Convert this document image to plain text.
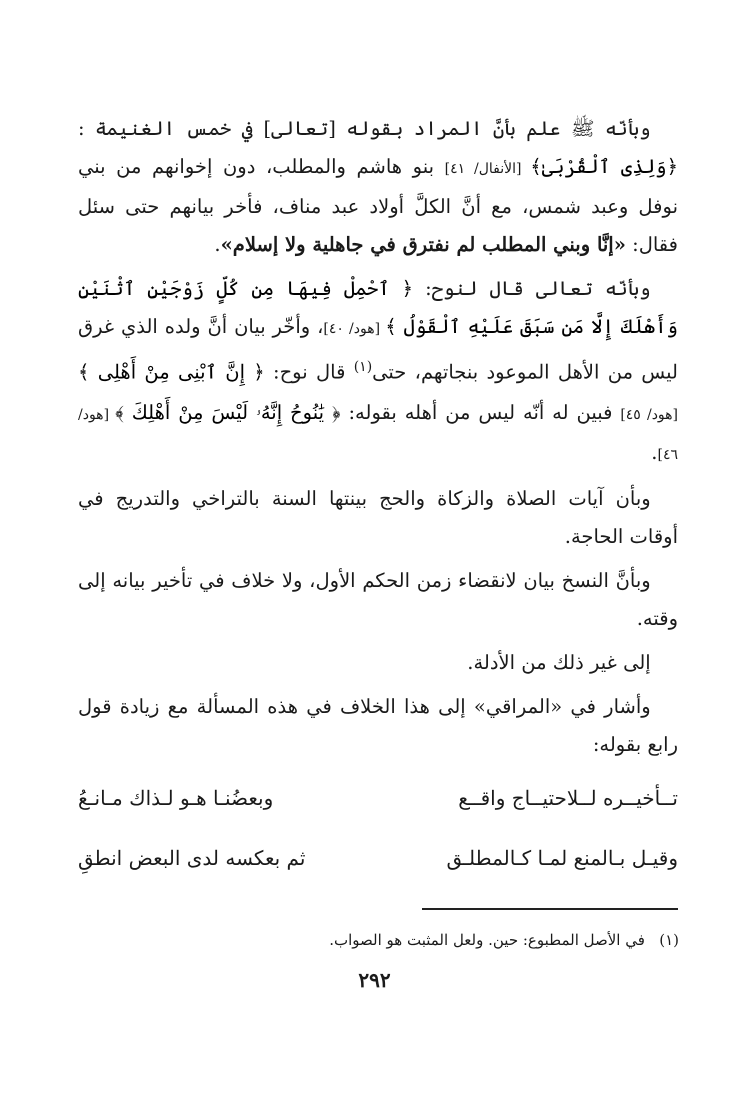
وبأنّه ﷺ علم بأنَّ المراد بقوله [تعالى] في خمس الغنيمة : ﴿وَلِذِى ٱلْقُرْبَىٰ﴾ [الأنفال/ ٤١] بنو هاشم والمطلب، دون إخوانهم من بني نوفل وعبد شمس، مع أنَّ الكلَّ أولاد عبد مناف، فأخر بيانهم حتى سئل فقال: «إنَّا وبني المطلب لم نفترق في جاهلية ولا إسلام».

وبأنّه تعالى قال لنوح: ﴿ ٱحْمِلْ فِيهَا مِن كُلٍّ زَوْجَيْنِ ٱثْنَيْنِ وَأَهْلَكَ إِلَّا مَن سَبَقَ عَلَيْهِ ٱلْقَوْلُ ﴾ [هود/ ٤٠]، وأخّر بيان أنَّ ولده الذي غرق ليس من الأهل الموعود بنجاتهم، حتى$^{(١)}$ قال نوح: ﴿ إِنَّ ٱبْنِى مِنْ أَهْلِى ﴾ [هود/ ٤٥] فبين له أنّه ليس من أهله بقوله: ﴿ يَٰنُوحُ إِنَّهُۥ لَيْسَ مِنْ أَهْلِكَ ﴾ [هود/ ٤٦].

وبأن آيات الصلاة والزكاة والحج بينتها السنة بالتراخي والتدريج في أوقات الحاجة.

وبأنَّ النسخ بيان لانقضاء زمن الحكم الأول، ولا خلاف في تأخير بيانه إلى وقته.

إلى غير ذلك من الأدلة.

وأشار في «المراقي» إلى هذا الخلاف في هذه المسألة مع زيادة قول رابع بقوله:

تــأخيــره لــلاحتيــاج واقــع
وبعضُنـا هـو لـذاك مـانـعُ
وقيـل بـالمنع لمـا كـالمطلـق
ثم بعكسه لدى البعض انطقِ
(١)   في الأصل المطبوع: حين. ولعل المثبت هو الصواب.
٢٩٢
